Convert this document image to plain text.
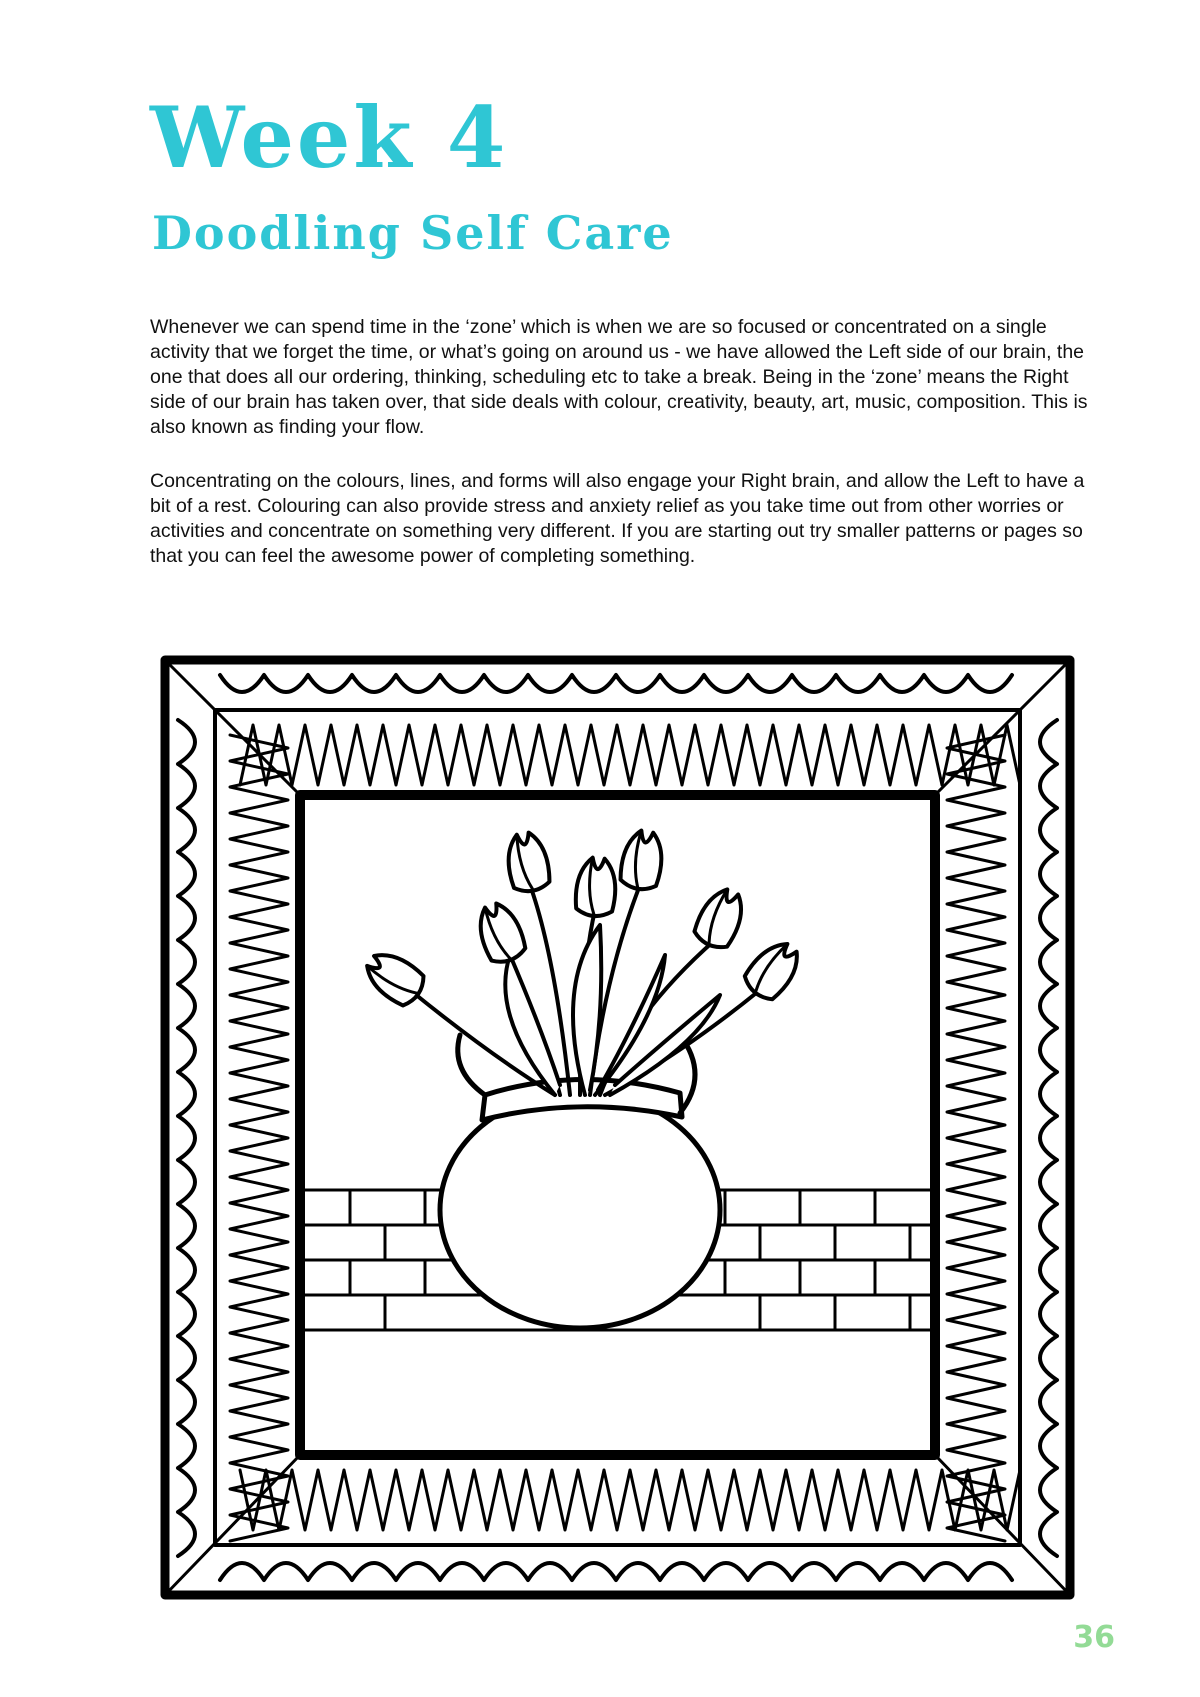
Week 4
Doodling Self Care

Whenever we can spend time in the ‘zone’ which is when we are so focused or concentrated on a single activity that we forget the time, or what’s going on around us - we have allowed the Left side of our brain, the one that does all our ordering, thinking, scheduling etc to take a break. Being in the ‘zone’ means the Right side of our brain has taken over, that side deals with colour, creativity, beauty, art, music, composition. This is also known as finding your flow.

Concentrating on the colours, lines, and forms will also engage your Right brain, and allow the Left to have a bit of a rest. Colouring can also provide stress and anxiety relief as you take time out from other worries or activities and concentrate on something very different. If you are starting out try smaller patterns or pages so that you can feel the awesome power of completing something.

36
